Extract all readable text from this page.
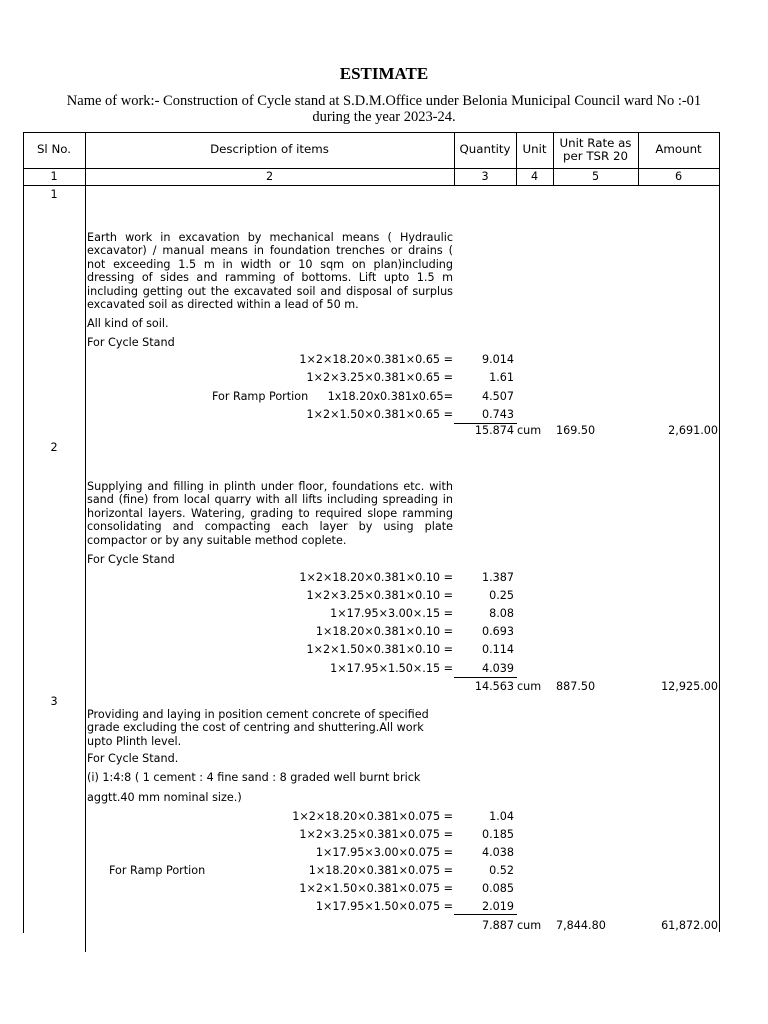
ESTIMATE
Name of work:- Construction of Cycle stand at S.D.M.Office under Belonia Municipal Council ward No :-01
during the year 2023-24.
Sl No.	Description of items	Quantity	Unit	Unit Rate as
per TSR 20	Amount
1	2	3	4	5	6
1

Earth work in excavation by mechanical means ( Hydraulic excavator) / manual means in foundation trenches or drains ( not exceeding 1.5 m in width or 10 sqm on plan)including dressing of sides and ramming of bottoms. Lift upto 1.5 m including getting out the excavated soil and disposal of surplus excavated soil as directed within a lead of 50 m.

All kind of soil.
For Cycle Stand
1×2×18.20×0.381×0.65 =	9.014
1×2×3.25×0.381×0.65 =	1.61
For Ramp Portion	1x18.20x0.381x0.65=	4.507
1×2×1.50×0.381×0.65 =	0.743
15.874 cum 169.50	2,691.00
2

Supplying and filling in plinth under floor, foundations etc. with sand (fine) from local quarry with all lifts including spreading in horizontal layers. Watering, grading to required slope ramming consolidating and compacting each layer by using plate compactor or by any suitable method coplete.

For Cycle Stand
1×2×18.20×0.381×0.10 =	1.387
1×2×3.25×0.381×0.10 =	0.25
1×17.95×3.00×.15 =	8.08
1×18.20×0.381×0.10 =	0.693
1×2×1.50×0.381×0.10 =	0.114
1×17.95×1.50×.15 =	4.039
14.563 cum 887.50	12,925.00
3

Providing and laying in position cement concrete of specified grade excluding the cost of centring and shuttering.All work upto Plinth level.

For Cycle Stand.
(i) 1:4:8 ( 1 cement : 4 fine sand : 8 graded well burnt brick
aggtt.40 mm nominal size.)
1×2×18.20×0.381×0.075 =	1.04
1×2×3.25×0.381×0.075 =	0.185
1×17.95×3.00×0.075 =	4.038
For Ramp Portion	1×18.20×0.381×0.075 =	0.52
1×2×1.50×0.381×0.075 =	0.085
1×17.95×1.50×0.075 =	2.019
7.887 cum 7,844.80	61,872.00
